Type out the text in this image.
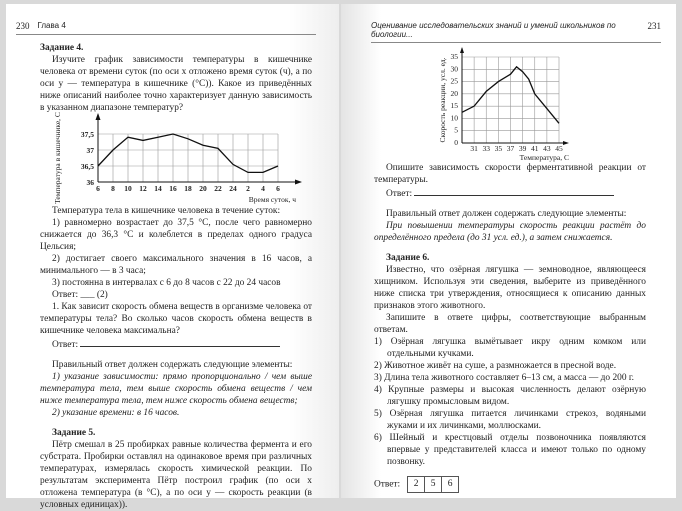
230 Глава 4

Задание 4.

Изучите график зависимости температуры в кишечнике человека от времени суток (по оси x отложено время суток (ч), а по оси y — температура в кишечнике (°С)). Какое из приведённых ниже описаний наиболее точно характеризует данную зависимость в указанном диапазоне температур?

6 8 10 12 14 16 18 20 22 24 2 4 6
36
36,5
37
37,5
Время суток, ч
Температура в кишечнике, С

Температура тела в кишечнике человека в течение суток:

1) равномерно возрастает до 37,5 °С, после чего равномерно снижается до 36,3 °С и колеблется в пределах одного градуса Цельсия;

2) достигает своего максимального значения в 16 часов, а минимального — в 3 часа;

3) постоянна в интервалах с 6 до 8 часов с 22 до 24 часов

Ответ: ___ (2)

1. Как зависит скорость обмена веществ в организме человека от температуры тела? Во сколько часов скорость обмена веществ в кишечнике человека максимальна?

Ответ:

Правильный ответ должен содержать следующие элементы:

1) указание зависимости: прямо пропорционально / чем выше температура тела, тем выше скорость обмена веществ / чем ниже температура тела, тем ниже скорость обмена веществ;

2) указание времени: в 16 часов.

Задание 5.

Пётр смешал в 25 пробирках равные количества фермента и его субстрата. Пробирки оставлял на одинаковое время при различных температурах, измерялась скорость химической реакции. По результатам эксперимента Пётр построил график (по оси x отложена температура (в °С), а по оси y — скорость реакции (в условных единицах)).

Оценивание исследовательских знаний и умений школьников по биологии...
231
31 33 35 37 39 41 43 45
0
5
10
15
20
25
30
35
Температура, С
Скорость реакции, усл. ед.

Опишите зависимость скорости ферментативной реакции от температуры.

Ответ:

Правильный ответ должен содержать следующие элементы:

При повышении температуры скорость реакции растёт до определённого предела (до 31 усл. ед.), а затем снижается.

Задание 6.

Известно, что озёрная лягушка — земноводное, являющееся хищником. Используя эти сведения, выберите из приведённого ниже списка три утверждения, относящиеся к описанию данных признаков этого животного.

Запишите в ответе цифры, соответствующие выбранным ответам.

1) Озёрная лягушка вымётывает икру одним комком или отдельными кучками.

2) Животное живёт на суше, а размножается в пресной воде.

3) Длина тела животного составляет 6–13 см, а масса — до 200 г.

4) Крупные размеры и высокая численность делают озёрную лягушку промысловым видом.

5) Озёрная лягушка питается личинками стрекоз, водяными жуками и их личинками, моллюсками.

6) Шейный и крестцовый отделы позвоночника появляются впервые у представителей класса и имеют только по одному позвонку.

Ответ:	2	5	6
